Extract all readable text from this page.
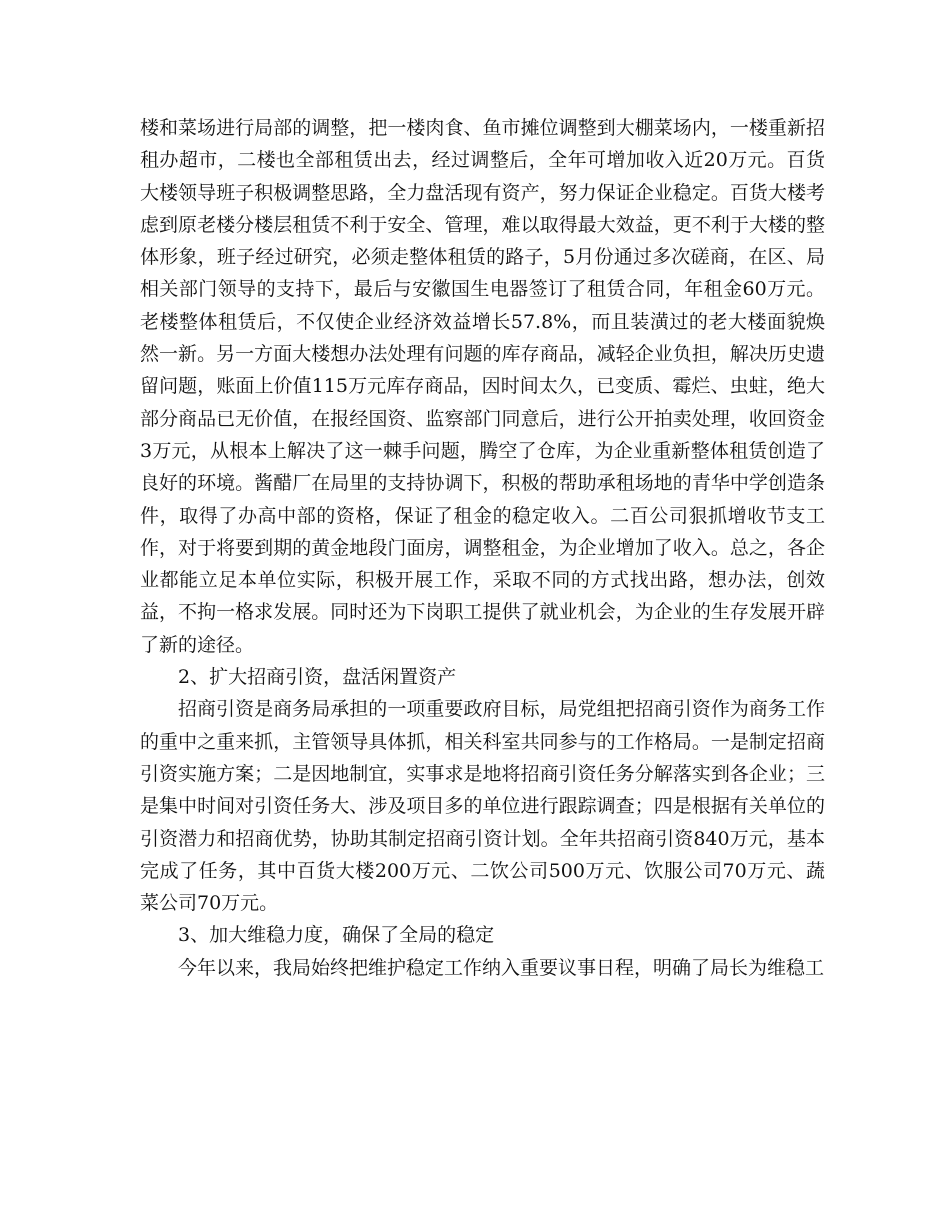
楼和菜场进行局部的调整，把一楼肉食、鱼市摊位调整到大棚菜场内，一楼重新招租办超市，二楼也全部租赁出去，经过调整后，全年可增加收入近20万元。百货大楼领导班子积极调整思路，全力盘活现有资产，努力保证企业稳定。百货大楼考虑到原老楼分楼层租赁不利于安全、管理，难以取得最大效益，更不利于大楼的整体形象，班子经过研究，必须走整体租赁的路子，5月份通过多次磋商，在区、局相关部门领导的支持下，最后与安徽国生电器签订了租赁合同，年租金60万元。老楼整体租赁后，不仅使企业经济效益增长57.8%，而且装潢过的老大楼面貌焕然一新。另一方面大楼想办法处理有问题的库存商品，减轻企业负担，解决历史遗留问题，账面上价值115万元库存商品，因时间太久，已变质、霉烂、虫蛀，绝大部分商品已无价值，在报经国资、监察部门同意后，进行公开拍卖处理，收回资金3万元，从根本上解决了这一棘手问题，腾空了仓库，为企业重新整体租赁创造了良好的环境。酱醋厂在局里的支持协调下，积极的帮助承租场地的青华中学创造条件，取得了办高中部的资格，保证了租金的稳定收入。二百公司狠抓增收节支工作，对于将要到期的黄金地段门面房，调整租金，为企业增加了收入。总之，各企业都能立足本单位实际，积极开展工作，采取不同的方式找出路，想办法，创效益，不拘一格求发展。同时还为下岗职工提供了就业机会，为企业的生存发展开辟了新的途径。

2、扩大招商引资，盘活闲置资产

招商引资是商务局承担的一项重要政府目标，局党组把招商引资作为商务工作的重中之重来抓，主管领导具体抓，相关科室共同参与的工作格局。一是制定招商引资实施方案；二是因地制宜，实事求是地将招商引资任务分解落实到各企业；三是集中时间对引资任务大、涉及项目多的单位进行跟踪调查；四是根据有关单位的引资潜力和招商优势，协助其制定招商引资计划。全年共招商引资840万元，基本完成了任务，其中百货大楼200万元、二饮公司500万元、饮服公司70万元、蔬菜公司70万元。

3、加大维稳力度，确保了全局的稳定

今年以来，我局始终把维护稳定工作纳入重要议事日程，明确了局长为维稳工
